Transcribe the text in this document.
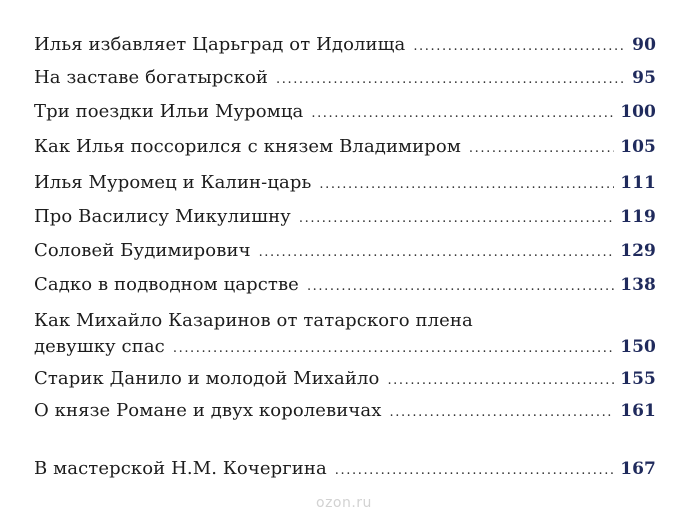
Илья избавляет Царьград от Идолища .....	90
На заставе богатырской .....	95
Три поездки Ильи Муромца .....	100
Как Илья поссорился с князем Владимиром .....	105
Илья Муромец и Калин-царь .....	111
Про Василису Микулишну .....	119
Соловей Будимирович .....	129
Садко в подводном царстве .....	138
Как Михайло Казаринов от татарского плена
девушку спас .....	150
Старик Данило и молодой Михайло .....	155
О князе Романе и двух королевичах .....	161
В мастерской Н.М. Кочергина .....	167
ozon.ru
